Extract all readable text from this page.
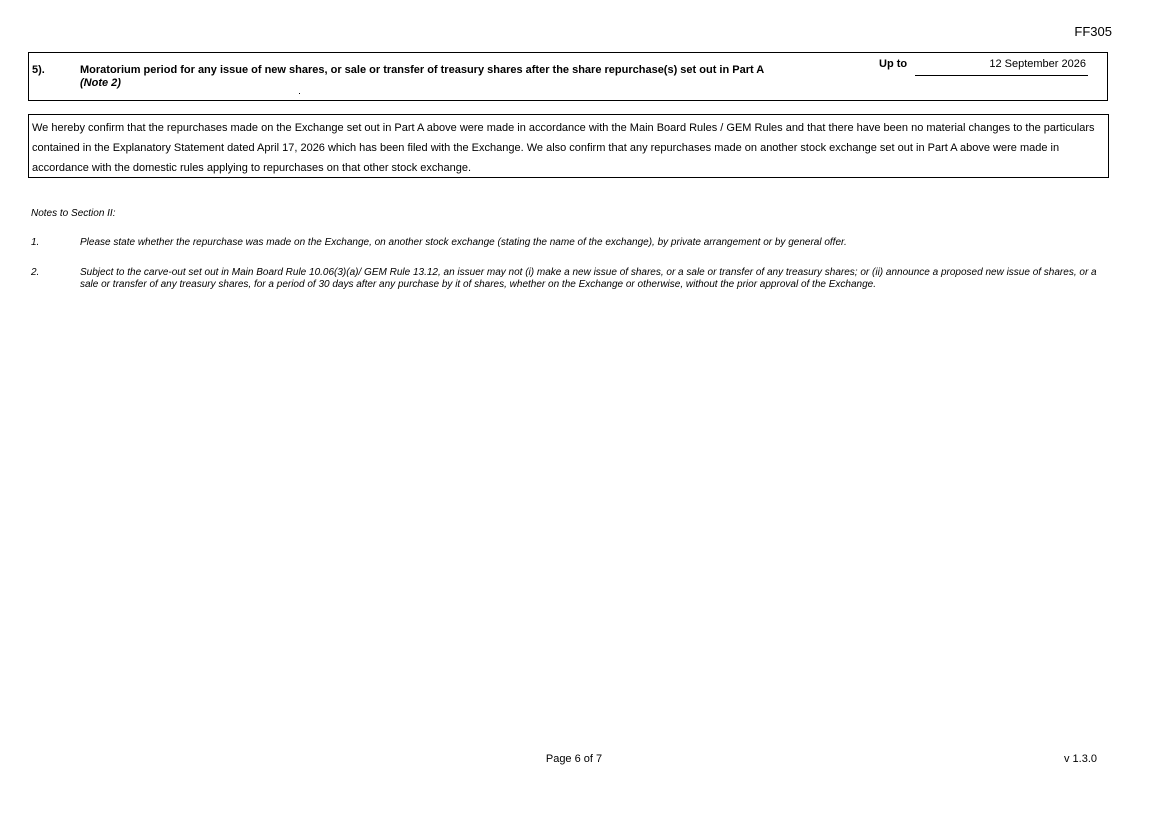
FF305
5).	Moratorium period for any issue of new shares, or sale or transfer of treasury shares after the share repurchase(s) set out in Part A
(Note 2)
Up to	12 September 2026
We hereby confirm that the repurchases made on the Exchange set out in Part A above were made in accordance with the Main Board Rules / GEM Rules and that there have been no material changes to the particulars contained in the Explanatory Statement dated April 17, 2026 which has been filed with the Exchange. We also confirm that any repurchases made on another stock exchange set out in Part A above were made in accordance with the domestic rules applying to repurchases on that other stock exchange.
Notes to Section II:
1.	Please state whether the repurchase was made on the Exchange, on another stock exchange (stating the name of the exchange), by private arrangement or by general offer.
2.	Subject to the carve-out set out in Main Board Rule 10.06(3)(a)/ GEM Rule 13.12, an issuer may not (i) make a new issue of shares, or a sale or transfer of any treasury shares; or (ii) announce a proposed new issue of shares, or a sale or transfer of any treasury shares, for a period of 30 days after any purchase by it of shares, whether on the Exchange or otherwise, without the prior approval of the Exchange.
Page 6 of 7	v 1.3.0
